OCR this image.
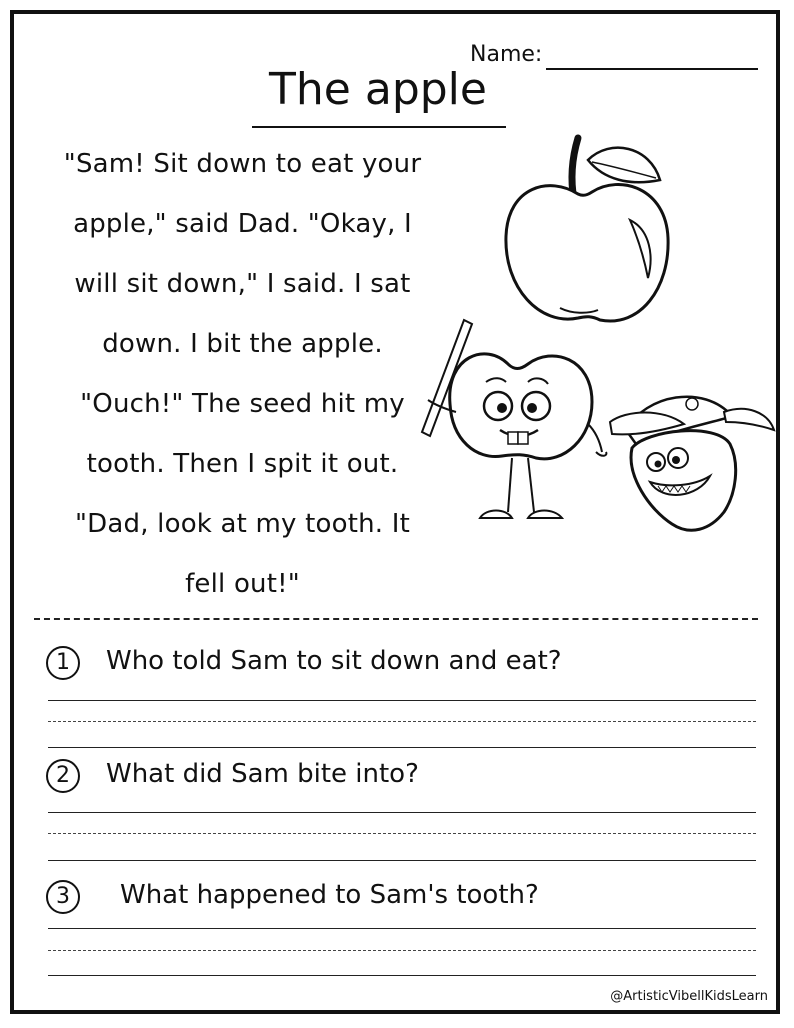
Name:
The apple
"Sam! Sit down to eat your
apple," said Dad. "Okay, I
will sit down," I said. I sat
down. I bit the apple.
"Ouch!" The seed hit my
tooth. Then I spit it out.
"Dad, look at my tooth. It
fell out!"
1	Who told Sam to sit down and eat?
2	What did Sam bite into?
3	What happened to Sam's tooth?
@ArtisticVibellKidsLearn
